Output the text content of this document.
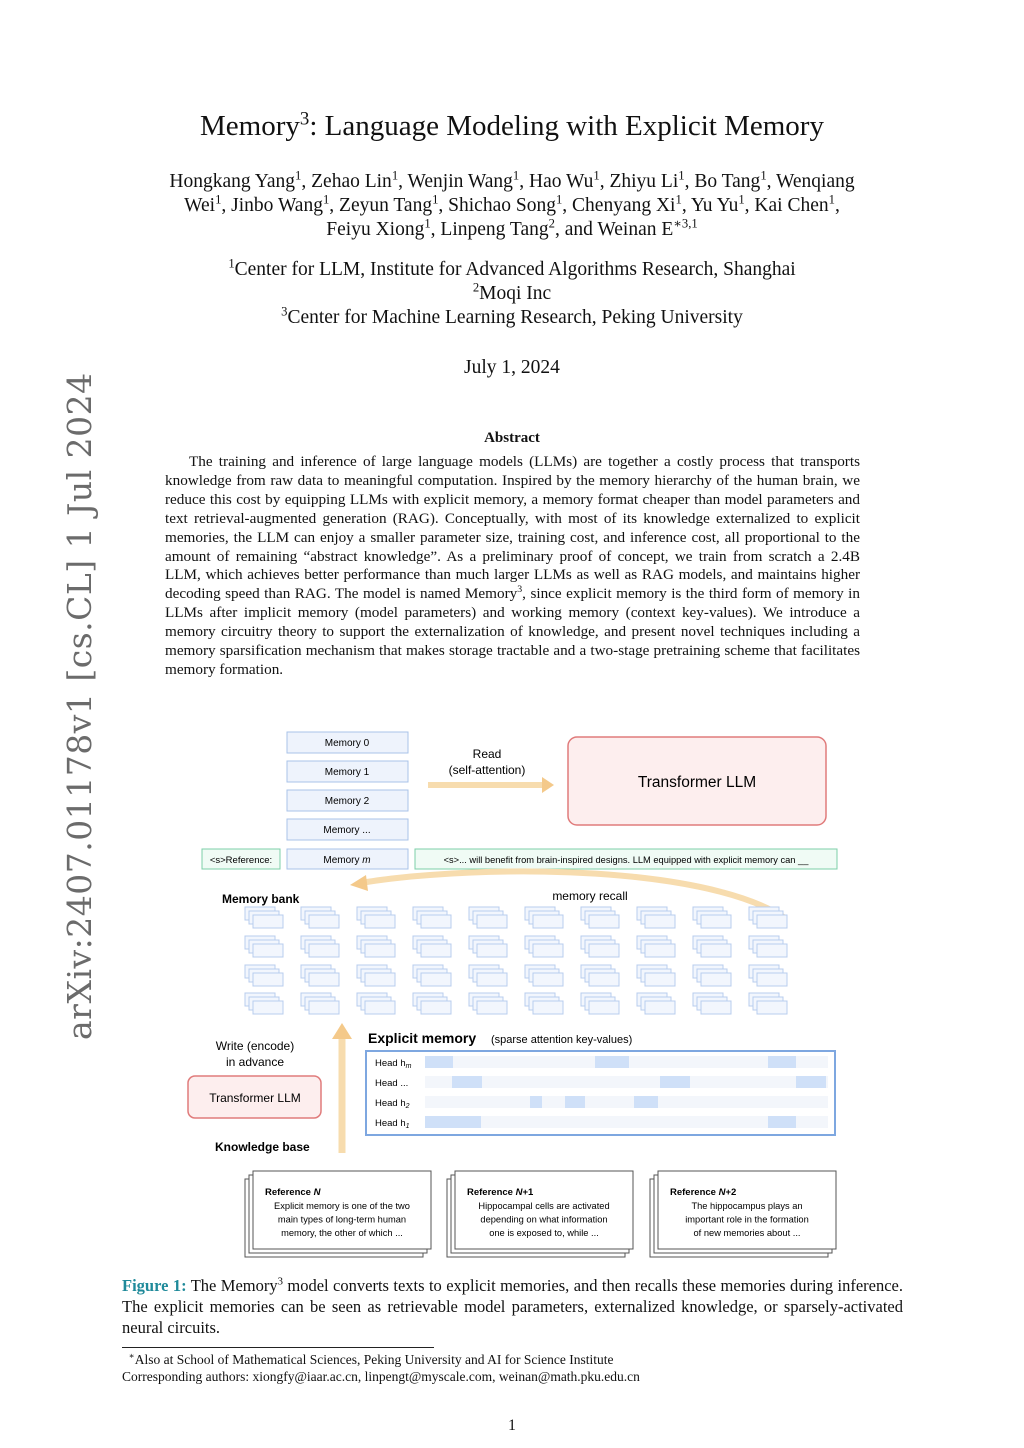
arXiv:2407.01178v1 [cs.CL] 1 Jul 2024
Memory$^3$: Language Modeling with Explicit Memory
Hongkang Yang$^1$, Zehao Lin$^1$, Wenjin Wang$^1$, Hao Wu$^1$, Zhiyu Li$^1$, Bo Tang$^1$, Wenqiang
Wei$^1$, Jinbo Wang$^1$, Zeyun Tang$^1$, Shichao Song$^1$, Chenyang Xi$^1$, Yu Yu$^1$, Kai Chen$^1$,
Feiyu Xiong$^1$, Linpeng Tang$^2$, and Weinan $E^{∗3,1}$
$^1$Center for LLM, Institute for Advanced Algorithms Research, Shanghai
$^2$Moqi Inc
$^3$Center for Machine Learning Research, Peking University
July 1, 2024
Abstract
The training and inference of large language models (LLMs) are together a costly process that transports knowledge from raw data to meaningful computation. Inspired by the memory hierarchy of the human brain, we reduce this cost by equipping LLMs with explicit memory, a memory format cheaper than model parameters and text retrieval-augmented generation (RAG). Conceptually, with most of its knowledge externalized to explicit memories, the LLM can enjoy a smaller parameter size, training cost, and inference cost, all proportional to the amount of remaining “abstract knowledge”. As a preliminary proof of concept, we train from scratch a 2.4B LLM, which achieves better performance than much larger LLMs as well as RAG models, and maintains higher decoding speed than RAG. The model is named Memory$^3$, since explicit memory is the third form of memory in LLMs after implicit memory (model parameters) and working memory (context key-values). We introduce a memory circuitry theory to support the externalization of knowledge, and present novel techniques including a memory sparsification mechanism that makes storage tractable and a two-stage pretraining scheme that facilitates memory formation.
Memory 0
Memory 1
Memory 2
Memory ...
Read
(self-attention)
Transformer LLM
<s>Reference:	Memory m	<s>... will benefit from brain-inspired designs. LLM equipped with explicit memory can __
memory recall
Memory bank
Write (encode)
in advance
Transformer LLM
Explicit memory (sparse attention key-values)
Head $h_m$
Head ...
Head $h_2$
Head $h_1$
Knowledge base
Reference N
Explicit memory is one of the two
main types of long-term human
memory, the other of which ...
Reference N+1
Hippocampal cells are activated
depending on what information
one is exposed to, while ...
Reference N+2
The hippocampus plays an
important role in the formation
of new memories about ...
Figure 1: The Memory$^3$ model converts texts to explicit memories, and then recalls these memories during inference. The explicit memories can be seen as retrievable model parameters, externalized knowledge, or sparsely-activated neural circuits.
∗Also at School of Mathematical Sciences, Peking University and AI for Science Institute
Corresponding authors: xiongfy@iaar.ac.cn, linpengt@myscale.com, weinan@math.pku.edu.cn
1
